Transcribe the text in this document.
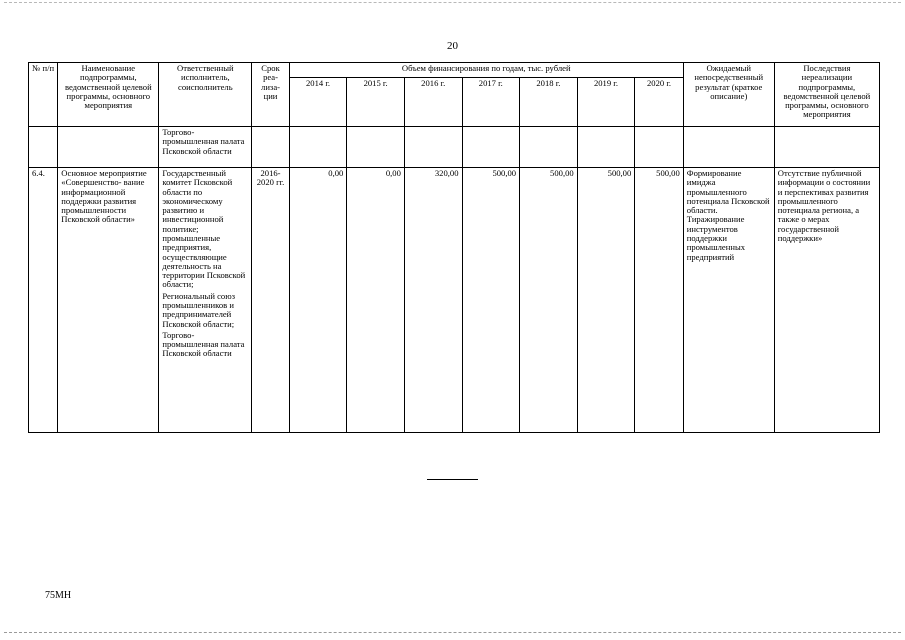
20
№ п/п	Наименование подпрограммы, ведомственной целевой программы, основного мероприятия	Ответственный исполнитель, соисполнитель	Срок реа- лиза- ции	Объем финансирования по годам, тыс. рублей							Ожидаемый непосредственный результат (краткое описание)	Последствия нереализации подпрограммы, ведомственной целевой программы, основного мероприятия
				2014 г.	2015 г.	2016 г.	2017 г.	2018 г.	2019 г.	2020 г.		

		Торгово- промышленная палата Псковской области										

6.4.	Основное мероприятие «Совершенство- вание информационной поддержки развития промышленности Псковской области»	Государственный комитет Псковской области по экономическому развитию и инвестиционной политике; промышленные предприятия, осуществляющие деятельность на территории Псковской области;
Региональный союз промышленников и предпринимателей Псковской области;
Торгово- промышленная палата Псковской области	2016- 2020 гг.	0,00	0,00	320,00	500,00	500,00	500,00	500,00	Формирование имиджа промышленного потенциала Псковской области. Тиражирование инструментов поддержки промышленных предприятий	Отсутствие публичной информации о состоянии и перспективах развития промышленного потенциала региона, а также о мерах государственной поддержки»
75МН
